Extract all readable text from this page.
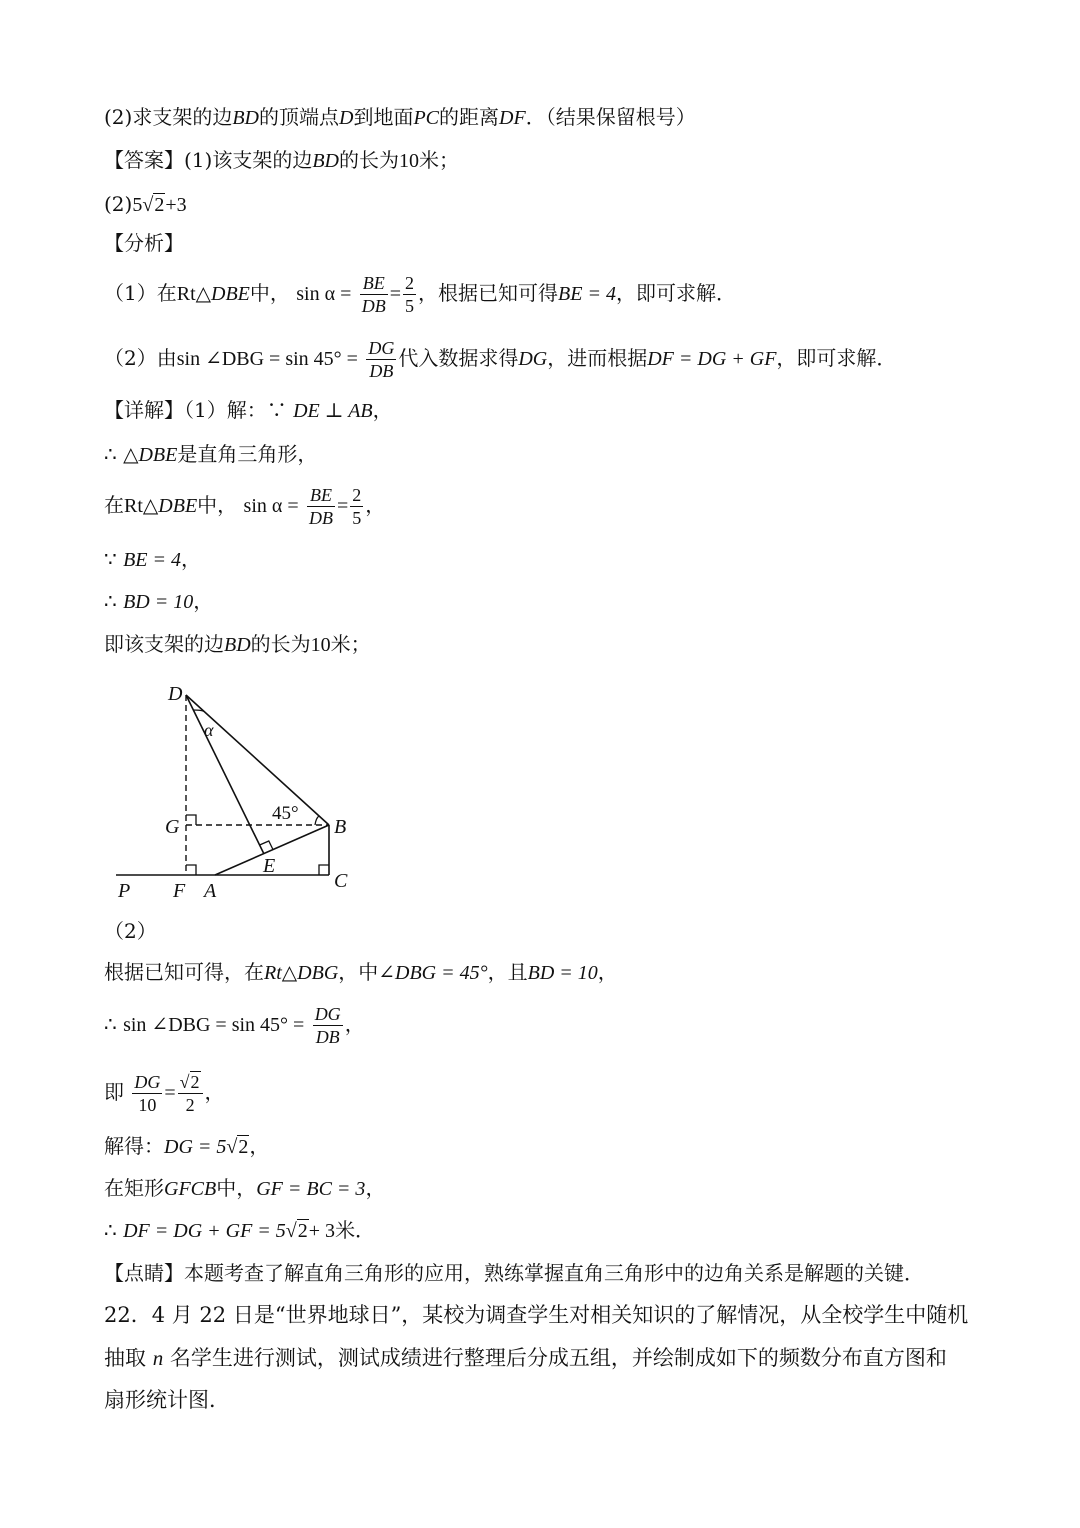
(2)求支架的边BD的顶端点D到地面PC的距离DF．（结果保留根号）
【答案】(1)该支架的边BD的长为10米；
(2)5√2+3
【分析】
（1）在Rt△DBE中， $\sin \alpha = \frac{BE}{DB} = \frac{2}{5}$ ，根据已知可得BE = 4，即可求解．
（2）由sin ∠DBG = $\sin 45^\circ = \frac{DG}{DB}$ 代入数据求得DG，进而根据DF = DG + GF，即可求解．
【详解】（1）解：∵ DE ⊥ AB，
∴ △DBE是直角三角形，
在Rt△DBE中， $\sin \alpha = \frac{BE}{DB} = \frac{2}{5}$ ，
∵ BE = 4，
∴ BD = 10，
即该支架的边BD的长为10米；
D
α
45°
G	B
E
P F A	C
（2）
根据已知可得，在Rt△DBG，中∠DBG = 45°，且BD = 10，
∴ sin ∠DBG = $\sin 45^\circ = \frac{DG}{DB}$ ，
即 $\frac{DG}{10} = \frac{√2}{2}$ ，
解得：DG = 5√2，
在矩形GFCB中，GF = BC = 3，
∴ DF = DG + GF = 5√2+ 3米．
【点睛】本题考查了解直角三角形的应用，熟练掌握直角三角形中的边角关系是解题的关键．
22．4 月 22 日是“世界地球日”，某校为调查学生对相关知识的了解情况，从全校学生中随机
抽取 n 名学生进行测试，测试成绩进行整理后分成五组，并绘制成如下的频数分布直方图和
扇形统计图．
